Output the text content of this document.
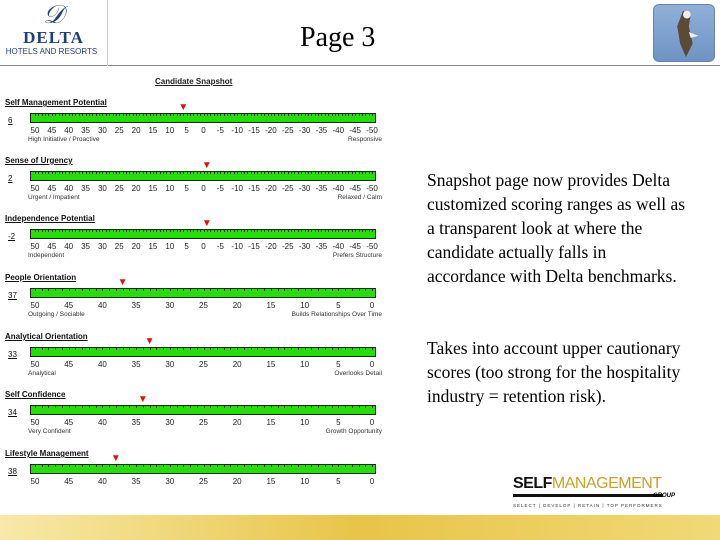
𝒟
DELTA
HOTELS AND RESORTS	Page 3
Candidate Snapshot
Self Management Potential
6
50 45 40 35 30 25 20 15 10 5 0 -5 -10 -15 -20 -25 -30 -35 -40 -45 -50
▼
High Initiative / Proactive	Responsive
Sense of Urgency
2
50 45 40 35 30 25 20 15 10 5 0 -5 -10 -15 -20 -25 -30 -35 -40 -45 -50
▼
Urgent / Impatient	Relaxed / Calm
Independence Potential
-2
50 45 40 35 30 25 20 15 10 5 0 -5 -10 -15 -20 -25 -30 -35 -40 -45 -50
▼
Independent	Prefers Structure
People Orientation
37
50	45	40	35	30	25	20	15	10	5	0
▼
Outgoing / Sociable	Builds Relationships Over Time
Analytical Orientation
33
50	45	40	35	30	25	20	15	10	5	0
▼
Analytical	Overlooks Detail
Self Confidence
34
50	45	40	35	30	25	20	15	10	5	0
▼
Very Confident	Growth Opportunity
Lifestyle Management
38
50	45	40	35	30	25	20	15	10	5	0
▼

Snapshot page now provides Delta customized scoring ranges as well as a transparent look at where the candidate actually falls in accordance with Delta benchmarks.

Takes into account upper cautionary scores (too strong for the hospitality industry = retention risk).

SELFMANAGEMENT
GROUP
SELECT | DEVELOP | RETAIN | TOP PERFORMERS
